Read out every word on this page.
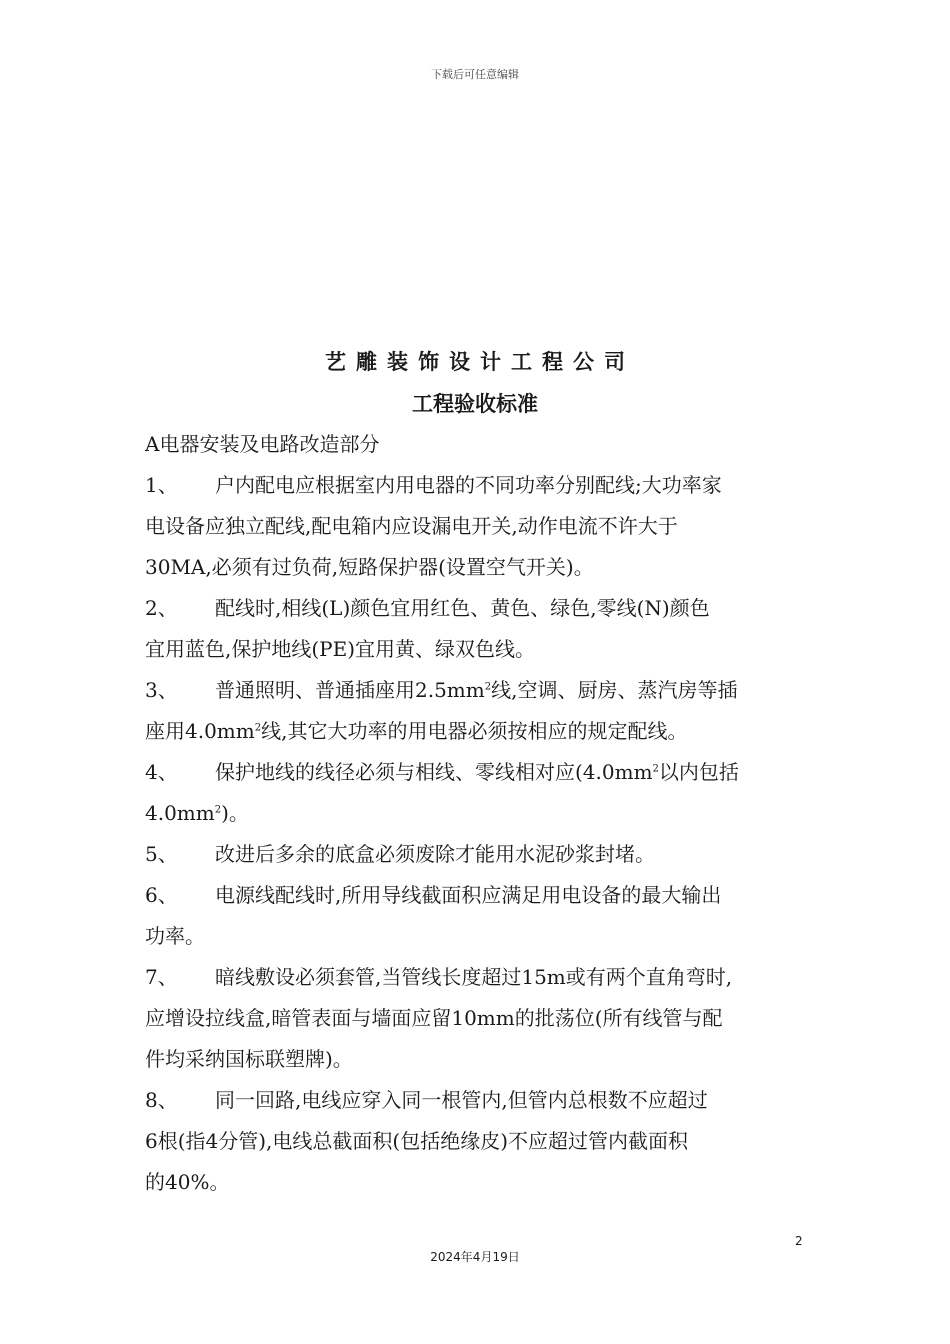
下载后可任意编辑
艺雕装饰设计工程公司
工程验收标准
A电器安装及电路改造部分
1、 户内配电应根据室内用电器的不同功率分别配线;大功率家
电设备应独立配线,配电箱内应设漏电开关,动作电流不许大于
30MA,必须有过负荷,短路保护器(设置空气开关)。
2、 配线时,相线(L)颜色宜用红色、黄色、绿色,零线(N)颜色
宜用蓝色,保护地线(PE)宜用黄、绿双色线。
3、 普通照明、普通插座用$2.5mm^2$线,空调、厨房、蒸汽房等插
座用$4.0mm^2$线,其它大功率的用电器必须按相应的规定配线。
4、 保护地线的线径必须与相线、零线相对应($4.0mm^2$以内包括
$4.0mm^2$)。
5、 改进后多余的底盒必须废除才能用水泥砂浆封堵。
6、 电源线配线时,所用导线截面积应满足用电设备的最大输出
功率。
7、 暗线敷设必须套管,当管线长度超过15m或有两个直角弯时,
应增设拉线盒,暗管表面与墙面应留10mm的批荡位(所有线管与配
件均采纳国标联塑牌)。
8、 同一回路,电线应穿入同一根管内,但管内总根数不应超过
6根(指4分管),电线总截面积(包括绝缘皮)不应超过管内截面积
的40%。
2
2024年4月19日
